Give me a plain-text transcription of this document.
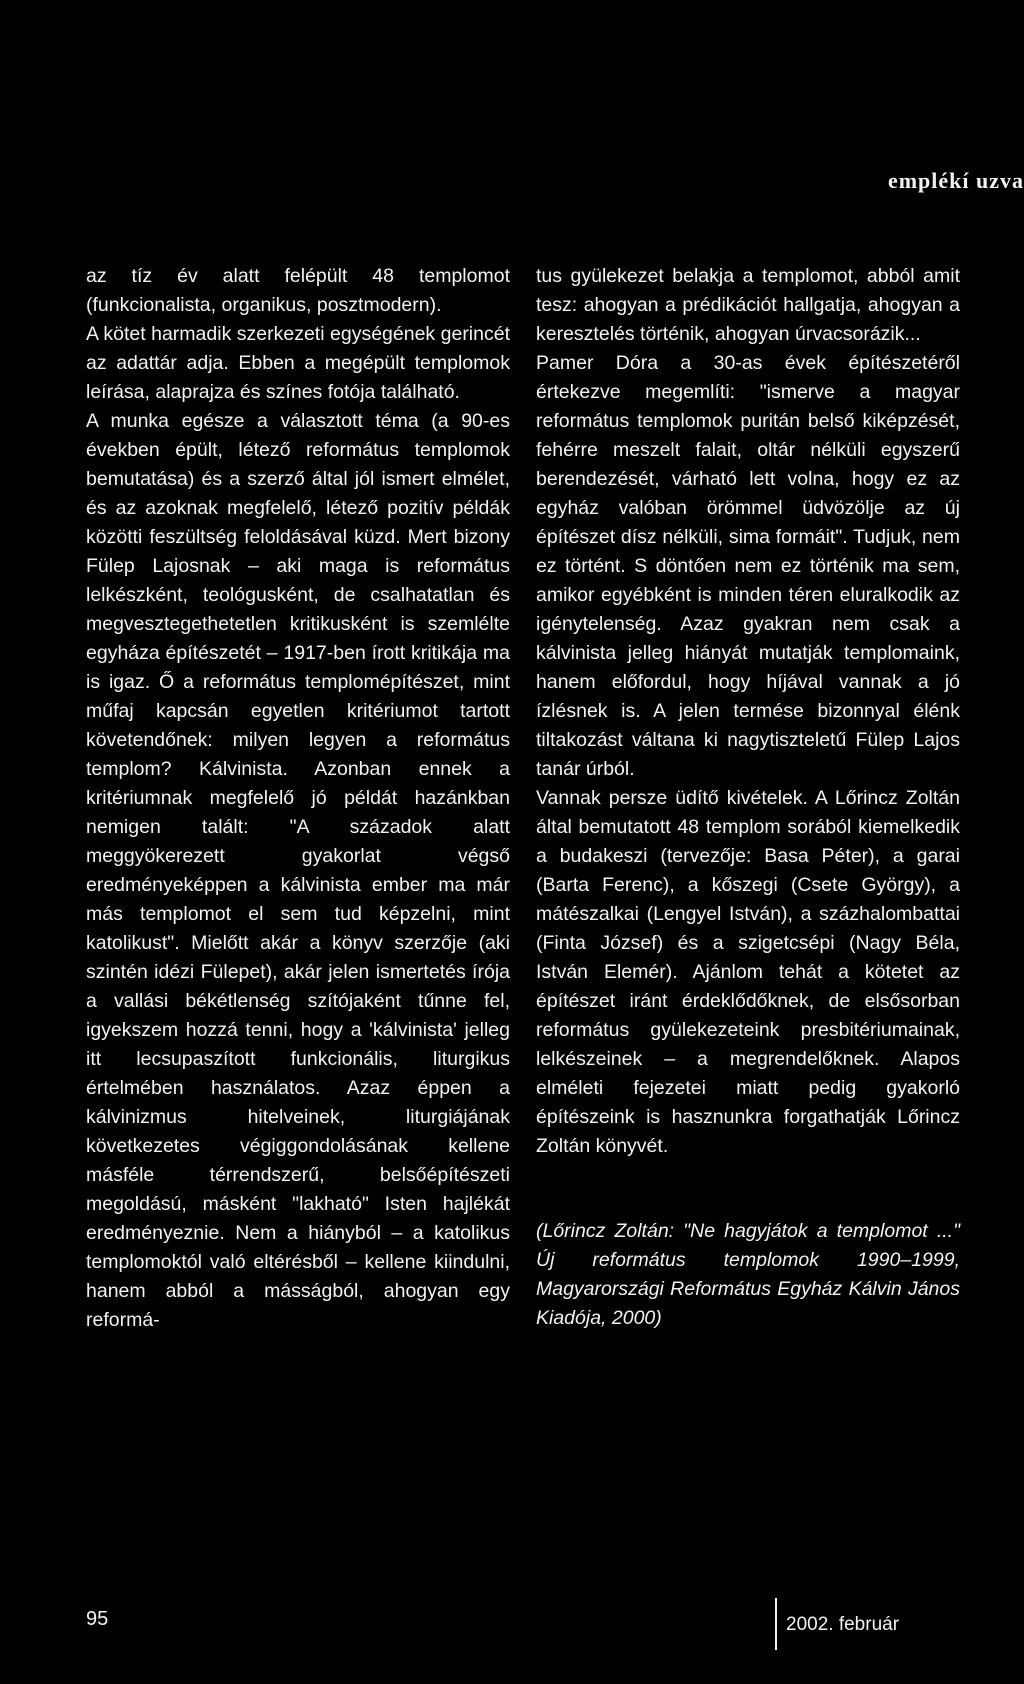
emplékí uzva

az tíz év alatt felépült 48 templomot (funkcionalista, organikus, posztmodern).

A kötet harmadik szerkezeti egységének gerincét az adattár adja. Ebben a megépült templomok leírása, alaprajza és színes fotója található.

A munka egésze a választott téma (a 90-es években épült, létező református templomok bemutatása) és a szerző által jól ismert elmélet, és az azoknak megfelelő, létező pozitív példák közötti feszültség feloldásával küzd. Mert bizony Fülep Lajosnak – aki maga is református lelkészként, teológusként, de csalhatatlan és megvesztegethetetlen kritikusként is szemlélte egyháza építészetét – 1917-ben írott kritikája ma is igaz. Ő a református templomépítészet, mint műfaj kapcsán egyetlen kritériumot tartott követendőnek: milyen legyen a református templom? Kálvinista. Azonban ennek a kritériumnak megfelelő jó példát hazánkban nemigen talált: "A századok alatt meggyökerezett gyakorlat végső eredményeképpen a kálvinista ember ma már más templomot el sem tud képzelni, mint katolikust". Mielőtt akár a könyv szerzője (aki szintén idézi Fülepet), akár jelen ismertetés írója a vallási békétlenség szítójaként tűnne fel, igyekszem hozzá tenni, hogy a 'kálvinista' jelleg itt lecsupaszított funkcionális, liturgikus értelmében használatos. Azaz éppen a kálvinizmus hitelveinek, liturgiájának következetes végiggondolásának kellene másféle térrendszerű, belsőépítészeti megoldású, másként "lakható" Isten hajlékát eredményeznie. Nem a hiányból – a katolikus templomoktól való eltérésből – kellene kiindulni, hanem abból a másságból, ahogyan egy reformá-

tus gyülekezet belakja a templomot, abból amit tesz: ahogyan a prédikációt hallgatja, ahogyan a keresztelés történik, ahogyan úrvacsorázik...

Pamer Dóra a 30-as évek építészetéről értekezve megemlíti: "ismerve a magyar református templomok puritán belső kiképzését, fehérre meszelt falait, oltár nélküli egyszerű berendezését, várható lett volna, hogy ez az egyház valóban örömmel üdvözölje az új építészet dísz nélküli, sima formáit". Tudjuk, nem ez történt. S döntően nem ez történik ma sem, amikor egyébként is minden téren eluralkodik az igénytelenség. Azaz gyakran nem csak a kálvinista jelleg hiányát mutatják templomaink, hanem előfordul, hogy híjával vannak a jó ízlésnek is. A jelen termése bizonnyal élénk tiltakozást váltana ki nagytiszteletű Fülep Lajos tanár úrból.

Vannak persze üdítő kivételek. A Lőrincz Zoltán által bemutatott 48 templom sorából kiemelkedik a budakeszi (tervezője: Basa Péter), a garai (Barta Ferenc), a kőszegi (Csete György), a mátészalkai (Lengyel István), a százhalombattai (Finta József) és a szigetcsépi (Nagy Béla, István Elemér). Ajánlom tehát a kötetet az építészet iránt érdeklődőknek, de elsősorban református gyülekezeteink presbitériumainak, lelkészeinek – a megrendelőknek. Alapos elméleti fejezetei miatt pedig gyakorló építészeink is hasznunkra forgathatják Lőrincz Zoltán könyvét.

(Lőrincz Zoltán: "Ne hagyjátok a templomot ..." Új református templomok 1990–1999, Magyarországi Református Egyház Kálvin János Kiadója, 2000)

95	2002. február
